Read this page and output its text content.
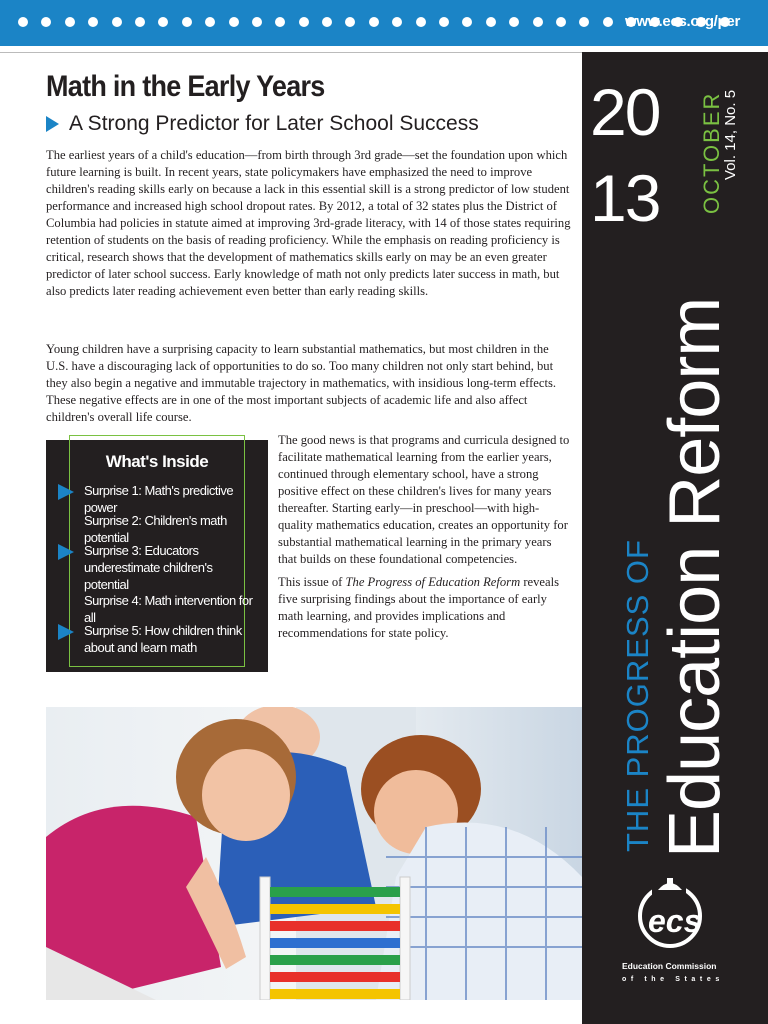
www.ecs.org/per
Math in the Early Years
A Strong Predictor for Later School Success

The earliest years of a child's education—from birth through 3rd grade—set the foundation upon which future learning is built. In recent years, state policymakers have emphasized the need to improve children's reading skills early on because a lack in this essential skill is a strong predictor of low student performance and increased high school dropout rates. By 2012, a total of 32 states plus the District of Columbia had policies in statute aimed at improving 3rd-grade literacy, with 14 of those states requiring retention of students on the basis of reading proficiency. While the emphasis on reading proficiency is critical, research shows that the development of mathematics skills early on may be an even greater predictor of later school success. Early knowledge of math not only predicts later success in math, but also predicts later reading achievement even better than early reading skills.

Young children have a surprising capacity to learn substantial mathematics, but most children in the U.S. have a discouraging lack of opportunities to do so. Too many children not only start behind, but they also begin a negative and immutable trajectory in mathematics, with insidious long-term effects. These negative effects are in one of the most important subjects of academic life and also affect children's overall life course.

The good news is that programs and curricula designed to facilitate mathematical learning from the earlier years, continued through elementary school, have a strong positive effect on these children's lives for many years thereafter. Starting early—in preschool—with high-quality mathematics education, creates an opportunity for substantial mathematical learning in the primary years that builds on these foundational competencies.

This issue of The Progress of Education Reform reveals five surprising findings about the importance of early math learning, and provides implications and recommendations for state policy.

What's Inside
Surprise 1: Math's predictive power
Surprise 2: Children's math potential
Surprise 3: Educators underestimate children's potential
Surprise 4: Math intervention for all
Surprise 5: How children think about and learn math
20
13 OCTOBER
Vol. 14, No. 5
THE PROGRESS OF Education Reform
ecs
Education Commission
of the States
